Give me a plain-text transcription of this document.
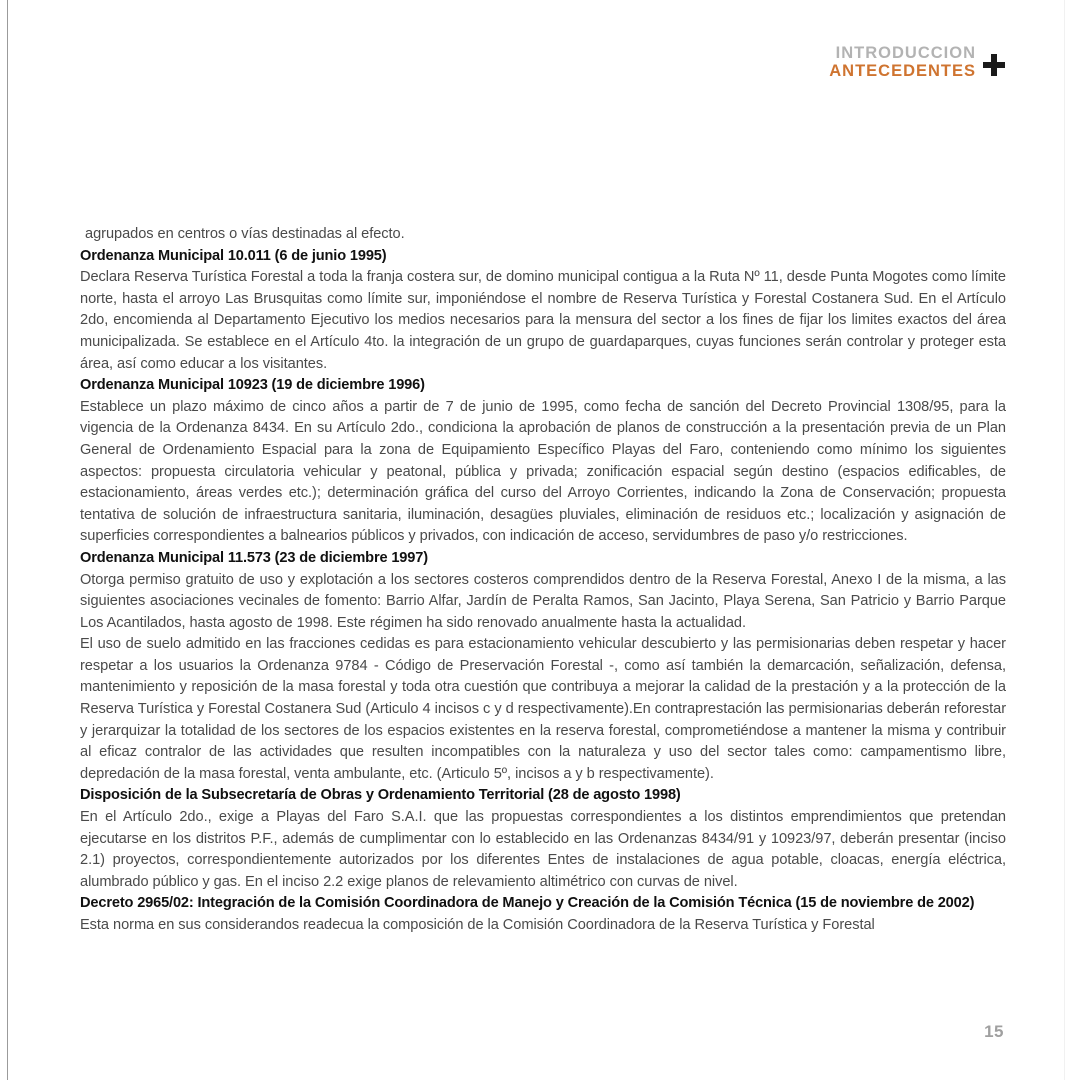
INTRODUCCION
ANTECEDENTES

agrupados en centros o vías destinadas al efecto.

Ordenanza Municipal 10.011 (6 de junio 1995)

Declara Reserva Turística Forestal a toda la franja costera sur, de domino municipal contigua a la Ruta Nº 11, desde Punta Mogotes como límite norte, hasta el arroyo Las Brusquitas como límite sur, imponiéndose el nombre de Reserva Turística y Forestal Costanera Sud. En el Artículo 2do, encomienda al Departamento Ejecutivo los medios necesarios para la mensura del sector a los fines de fijar los limites exactos del área municipalizada. Se establece en el Artículo 4to. la integración de un grupo de guardaparques, cuyas funciones serán controlar y proteger esta área, así como educar a los visitantes.

Ordenanza Municipal 10923 (19 de diciembre 1996)

Establece un plazo máximo de cinco años a partir de 7 de junio de 1995, como fecha de sanción del Decreto Provincial 1308/95, para la vigencia de la Ordenanza 8434. En su Artículo 2do., condiciona la aprobación de planos de construcción a la presentación previa de un Plan General de Ordenamiento Espacial para la zona de Equipamiento Específico Playas del Faro, conteniendo como mínimo los siguientes aspectos: propuesta circulatoria vehicular y peatonal, pública y privada; zonificación espacial según destino (espacios edificables, de estacionamiento, áreas verdes etc.); determinación gráfica del curso del Arroyo Corrientes, indicando la Zona de Conservación; propuesta tentativa de solución de infraestructura sanitaria, iluminación, desagües pluviales, eliminación de residuos etc.; localización y asignación de superficies correspondientes a balnearios públicos y privados, con indicación de acceso, servidumbres de paso y/o restricciones.

Ordenanza Municipal 11.573 (23 de diciembre 1997)

Otorga permiso gratuito de uso y explotación a los sectores costeros comprendidos dentro de la Reserva Forestal, Anexo I de la misma, a las siguientes asociaciones vecinales de fomento: Barrio Alfar, Jardín de Peralta Ramos, San Jacinto, Playa Serena, San Patricio y Barrio Parque Los Acantilados, hasta agosto de 1998. Este régimen ha sido renovado anualmente hasta la actualidad.

El uso de suelo admitido en las fracciones cedidas es para estacionamiento vehicular descubierto y las permisionarias deben respetar y hacer respetar a los usuarios la Ordenanza 9784 - Código de Preservación Forestal -, como así también la demarcación, señalización, defensa, mantenimiento y reposición de la masa forestal y toda otra cuestión que contribuya a mejorar la calidad de la prestación y a la protección de la Reserva Turística y Forestal Costanera Sud (Articulo 4 incisos c y d respectivamente).En contraprestación las permisionarias deberán reforestar y jerarquizar la totalidad de los sectores de los espacios existentes en la reserva forestal, comprometiéndose a mantener la misma y contribuir al eficaz contralor de las actividades que resulten incompatibles con la naturaleza y uso del sector tales como: campamentismo libre, depredación de la masa forestal, venta ambulante, etc. (Articulo 5º, incisos a y b respectivamente).

Disposición de la Subsecretaría de Obras y Ordenamiento Territorial (28 de agosto 1998)

En el Artículo 2do., exige a Playas del Faro S.A.I. que las propuestas correspondientes a los distintos emprendimientos que pretendan ejecutarse en los distritos P.F., además de cumplimentar con lo establecido en las Ordenanzas 8434/91 y 10923/97, deberán presentar (inciso 2.1) proyectos, correspondientemente autorizados por los diferentes Entes de instalaciones de agua potable, cloacas, energía eléctrica, alumbrado público y gas. En el inciso 2.2 exige planos de relevamiento altimétrico con curvas de nivel.

Decreto 2965/02: Integración de la Comisión Coordinadora de Manejo y Creación de la Comisión Técnica (15 de noviembre de 2002)

Esta norma en sus considerandos readecua la composición de la Comisión Coordinadora de la Reserva Turística y Forestal

15
